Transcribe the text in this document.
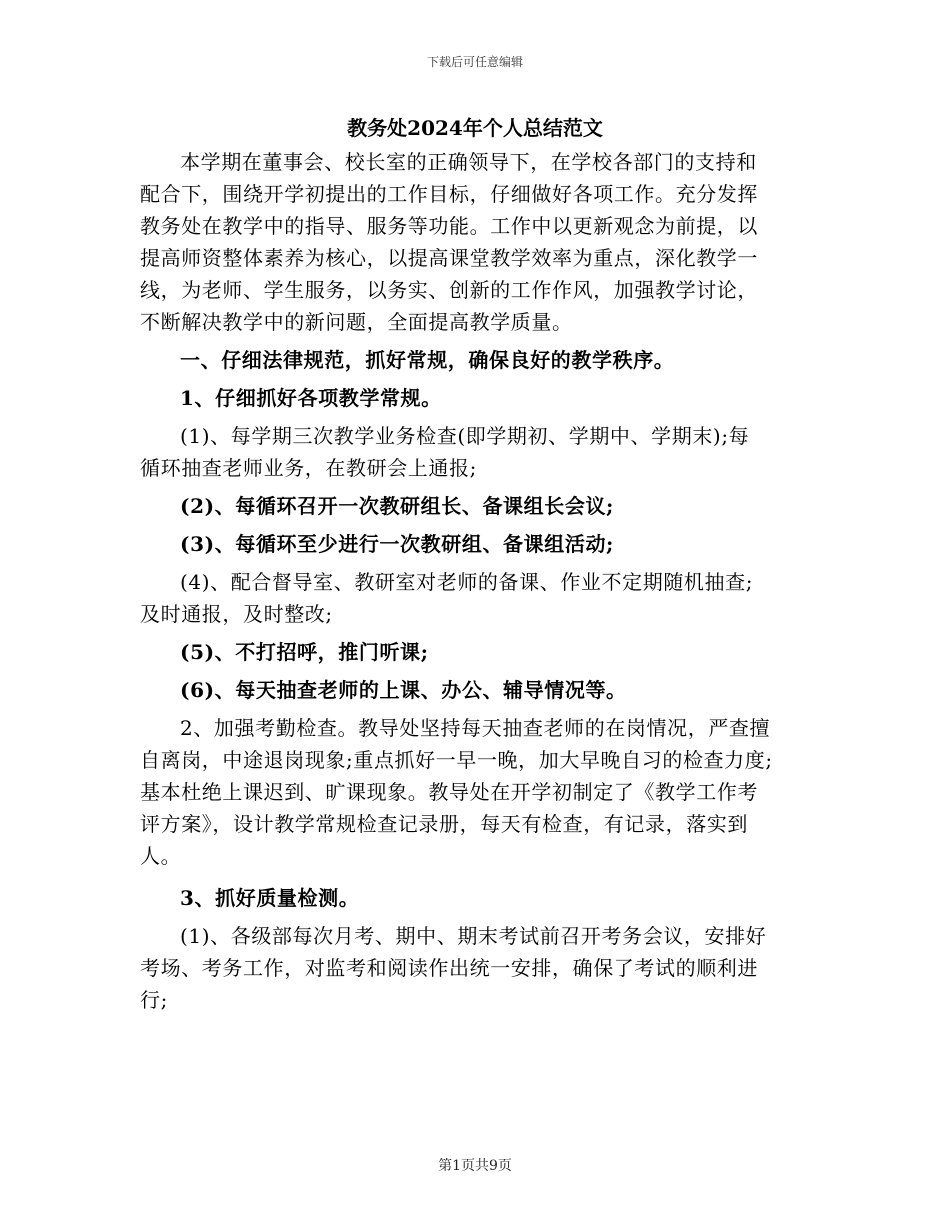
下载后可任意编辑
教务处2024年个人总结范文

本学期在董事会、校长室的正确领导下，在学校各部门的支持和
配合下，围绕开学初提出的工作目标，仔细做好各项工作。充分发挥
教务处在教学中的指导、服务等功能。工作中以更新观念为前提，以
提高师资整体素养为核心，以提高课堂教学效率为重点，深化教学一
线，为老师、学生服务，以务实、创新的工作作风，加强教学讨论，
不断解决教学中的新问题，全面提高教学质量。

一、仔细法律规范，抓好常规，确保良好的教学秩序。

1、仔细抓好各项教学常规。

(1)、每学期三次教学业务检查(即学期初、学期中、学期末);每
循环抽查老师业务，在教研会上通报;

(2)、每循环召开一次教研组长、备课组长会议;

(3)、每循环至少进行一次教研组、备课组活动;

(4)、配合督导室、教研室对老师的备课、作业不定期随机抽查;
及时通报，及时整改;

(5)、不打招呼，推门听课;

(6)、每天抽查老师的上课、办公、辅导情况等。

2、加强考勤检查。教导处坚持每天抽查老师的在岗情况，严查擅
自离岗，中途退岗现象;重点抓好一早一晚，加大早晚自习的检查力度;
基本杜绝上课迟到、旷课现象。教导处在开学初制定了《教学工作考
评方案》，设计教学常规检查记录册，每天有检查，有记录，落实到
人。

3、抓好质量检测。

(1)、各级部每次月考、期中、期末考试前召开考务会议，安排好
考场、考务工作，对监考和阅读作出统一安排，确保了考试的顺利进
行;

第1页共9页
